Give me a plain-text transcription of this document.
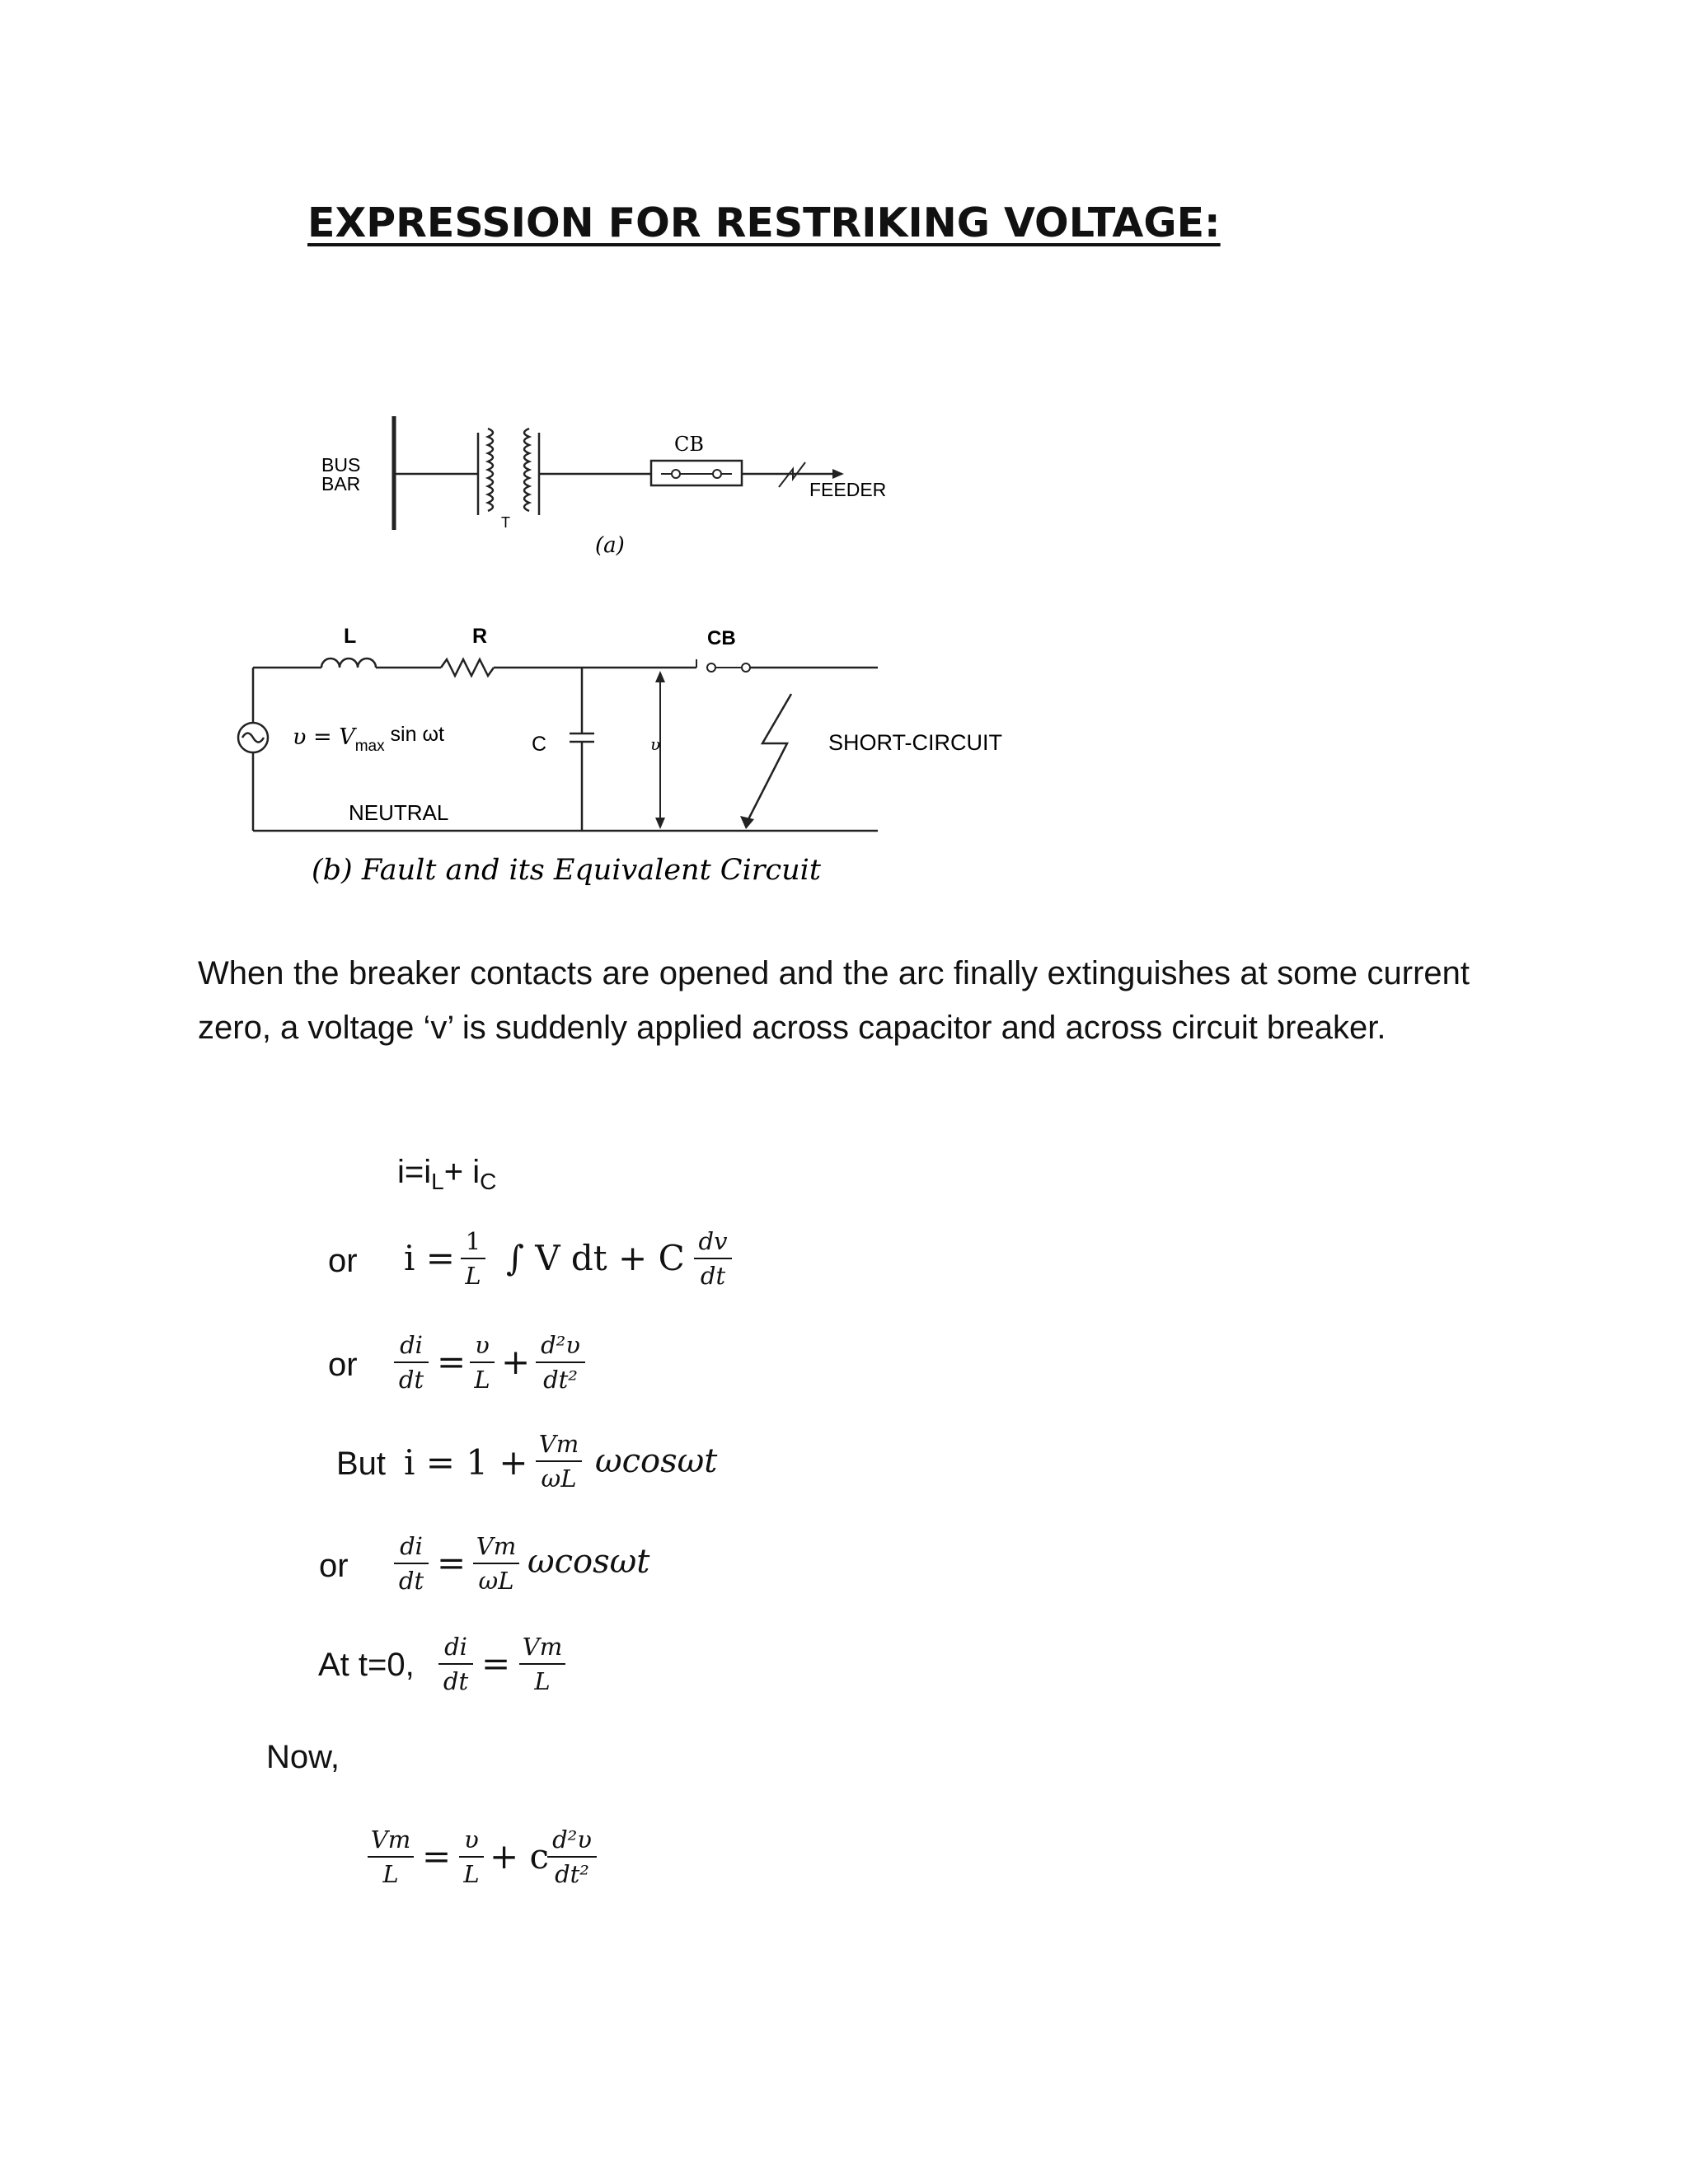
EXPRESSION FOR RESTRIKING VOLTAGE:
BUS
BAR
T
CB
FEEDER
(a)
L	R	CB
$\upsilon = V_{max}$ sin ωt
NEUTRAL
C	υ	SHORT-CIRCUIT
(b) Fault and its Equivalent Circuit
When the breaker contacts are opened and the arc finally extinguishes at some current zero, a voltage ‘v’ is suddenly applied across capacitor and across circuit breaker.
$i=i_L+ i_C$
or i = 1
L ∫ V dt + C dv
dt
or
di
dt = υ
L + d²υ
dt²
But i = 1 + Vm
ωL ωcosωt
or
di
dt = Vm
ωL ωcosωt
At t=0, di
dt = Vm
L
Now,
Vm
L = υ
L + c d²υ
dt²
